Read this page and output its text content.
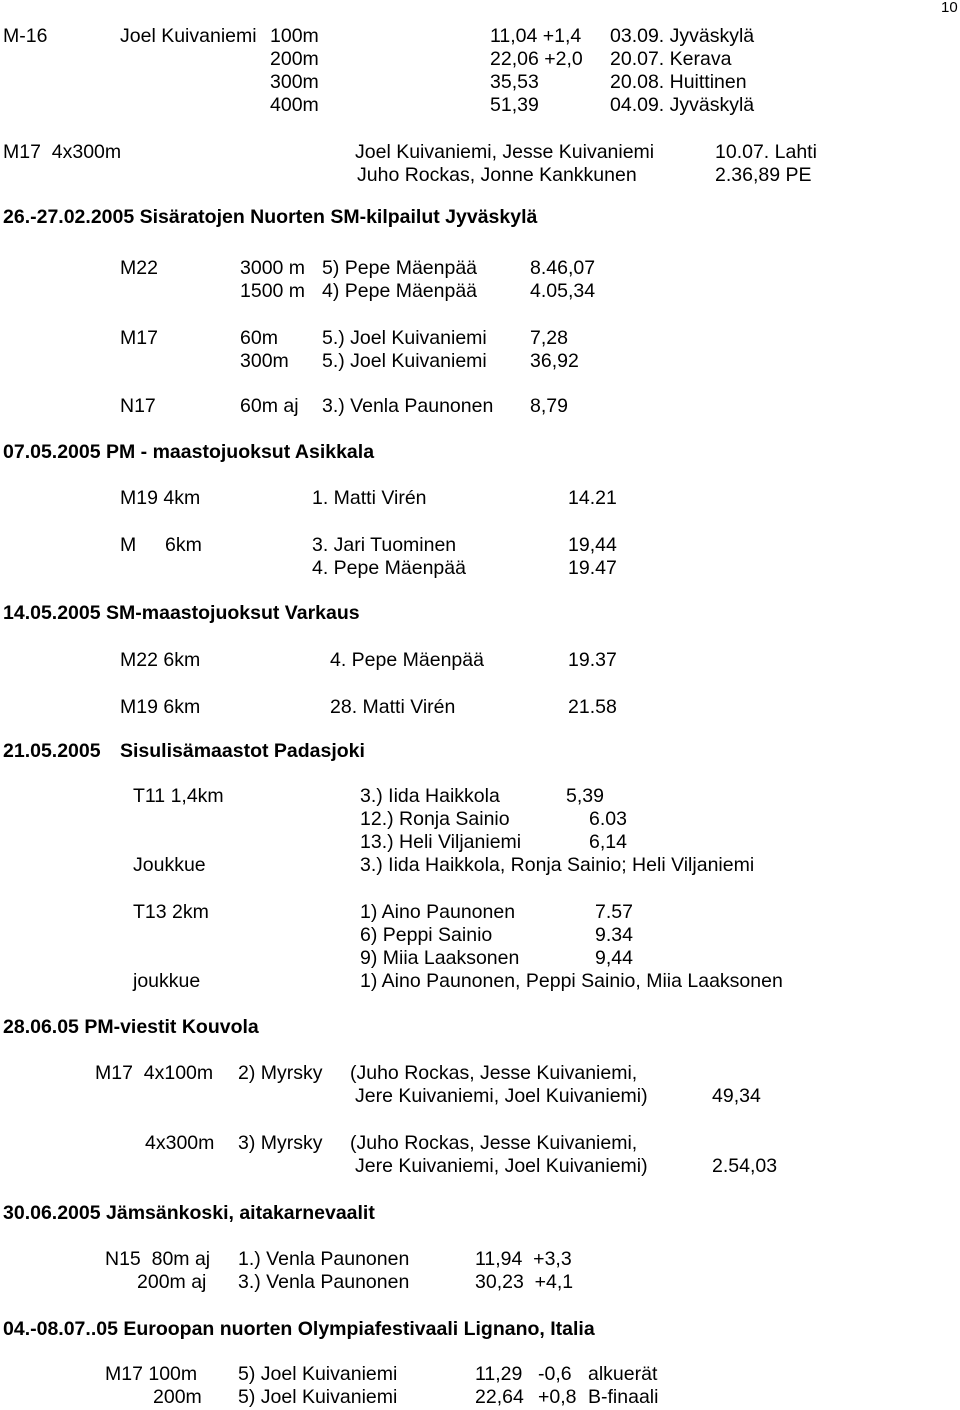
10
M-16	Joel Kuivaniemi 100m	11,04 +1,4 03.09. Jyväskylä
200m	22,06 +2,0 20.07. Kerava
300m	35,53	20.08. Huittinen
400m	51,39	04.09. Jyväskylä
M17  4x300m	Joel Kuivaniemi, Jesse Kuivaniemi	10.07. Lahti
Juho Rockas, Jonne Kankkunen	2.36,89 PE
26.-27.02.2005 Sisäratojen Nuorten SM-kilpailut Jyväskylä
M22	3000 m 5) Pepe Mäenpää	8.46,07
1500 m 4) Pepe Mäenpää	4.05,34
M17	60m 5.) Joel Kuivaniemi 7,28
300m 5.) Joel Kuivaniemi 36,92
N17	60m aj 3.) Venla Paunonen 8,79
07.05.2005 PM - maastojuoksut Asikkala
M19 4km	1. Matti Virén	14.21
M 6km	3. Jari Tuominen	19,44
4. Pepe Mäenpää	19.47
14.05.2005 SM-maastojuoksut Varkaus
M22 6km	4. Pepe Mäenpää	19.37
M19 6km	28. Matti Virén	21.58
21.05.2005 Sisulisämaastot Padasjoki
T11 1,4km	3.) Iida Haikkola	5,39
12.) Ronja Sainio	6.03
13.) Heli Viljaniemi	6,14
Joukkue	3.) Iida Haikkola, Ronja Sainio; Heli Viljaniemi
T13 2km	1) Aino Paunonen	7.57
6) Peppi Sainio	9.34
9) Miia Laaksonen	9,44
joukkue	1) Aino Paunonen, Peppi Sainio, Miia Laaksonen
28.06.05 PM-viestit Kouvola
M17  4x100m 2) Myrsky (Juho Rockas, Jesse Kuivaniemi,
Jere Kuivaniemi, Joel Kuivaniemi)	49,34
4x300m 3) Myrsky (Juho Rockas, Jesse Kuivaniemi,
Jere Kuivaniemi, Joel Kuivaniemi)	2.54,03
30.06.2005 Jämsänkoski, aitakarnevaalit
N15  80m aj 1.) Venla Paunonen	11,94  +3,3
200m aj 3.) Venla Paunonen	30,23  +4,1
04.-08.07..05 Euroopan nuorten Olympiafestivaali Lignano, Italia
M17 100m 5) Joel Kuivaniemi	11,29 -0,6 alkuerät
200m 5) Joel Kuivaniemi	22,64 +0,8 B-finaali
